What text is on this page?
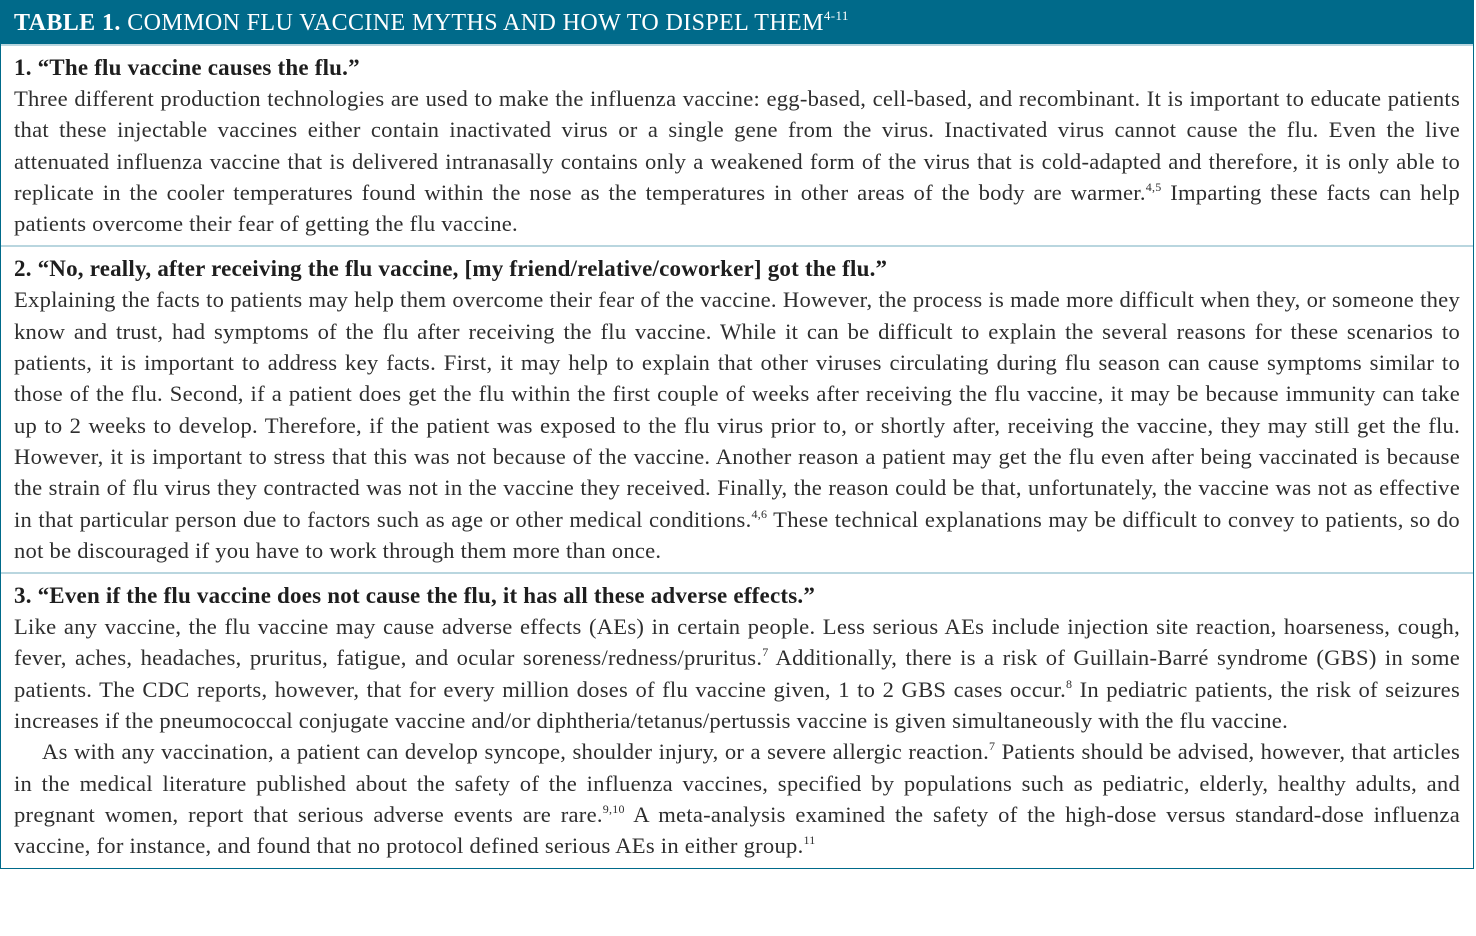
TABLE 1. COMMON FLU VACCINE MYTHS AND HOW TO DISPEL THEM$^{4-11}$
1. “The flu vaccine causes the flu.”

Three different production technologies are used to make the influenza vaccine: egg-based, cell-based, and recombinant. It is important to educate patients that these injectable vaccines either contain inactivated virus or a single gene from the virus. Inactivated virus cannot cause the flu. Even the live attenuated influenza vaccine that is delivered intranasally contains only a weakened form of the virus that is cold-adapted and therefore, it is only able to replicate in the cooler temperatures found within the nose as the temperatures in other areas of the body are warmer.$^{4,5}$ Imparting these facts can help patients overcome their fear of getting the flu vaccine.

2. “No, really, after receiving the flu vaccine, [my friend/relative/coworker] got the flu.”

Explaining the facts to patients may help them overcome their fear of the vaccine. However, the process is made more difficult when they, or someone they know and trust, had symptoms of the flu after receiving the flu vaccine. While it can be difficult to explain the several reasons for these scenarios to patients, it is important to address key facts. First, it may help to explain that other viruses circulating during flu season can cause symptoms similar to those of the flu. Second, if a patient does get the flu within the first couple of weeks after receiving the flu vaccine, it may be because immunity can take up to 2 weeks to develop. Therefore, if the patient was exposed to the flu virus prior to, or shortly after, receiving the vaccine, they may still get the flu. However, it is important to stress that this was not because of the vaccine. Another reason a patient may get the flu even after being vaccinated is because the strain of flu virus they contracted was not in the vaccine they received. Finally, the reason could be that, unfortunately, the vaccine was not as effective in that particular person due to factors such as age or other medical conditions.$^{4,6}$ These technical explanations may be difficult to convey to patients, so do not be discouraged if you have to work through them more than once.

3. “Even if the flu vaccine does not cause the flu, it has all these adverse effects.”

Like any vaccine, the flu vaccine may cause adverse effects (AEs) in certain people. Less serious AEs include injection site reaction, hoarseness, cough, fever, aches, headaches, pruritus, fatigue, and ocular soreness/redness/pruritus.$^7$ Additionally, there is a risk of Guillain-Barré syndrome (GBS) in some patients. The CDC reports, however, that for every million doses of flu vaccine given, 1 to 2 GBS cases occur.$^8$ In pediatric patients, the risk of seizures increases if the pneumococcal conjugate vaccine and/or diphtheria/tetanus/pertussis vaccine is given simultaneously with the flu vaccine.

As with any vaccination, a patient can develop syncope, shoulder injury, or a severe allergic reaction.$^7$ Patients should be advised, however, that articles in the medical literature published about the safety of the influenza vaccines, specified by populations such as pediatric, elderly, healthy adults, and pregnant women, report that serious adverse events are rare.$^{9,10}$ A meta-analysis examined the safety of the high-dose versus standard-dose influenza vaccine, for instance, and found that no protocol defined serious AEs in either group.$^{11}$
